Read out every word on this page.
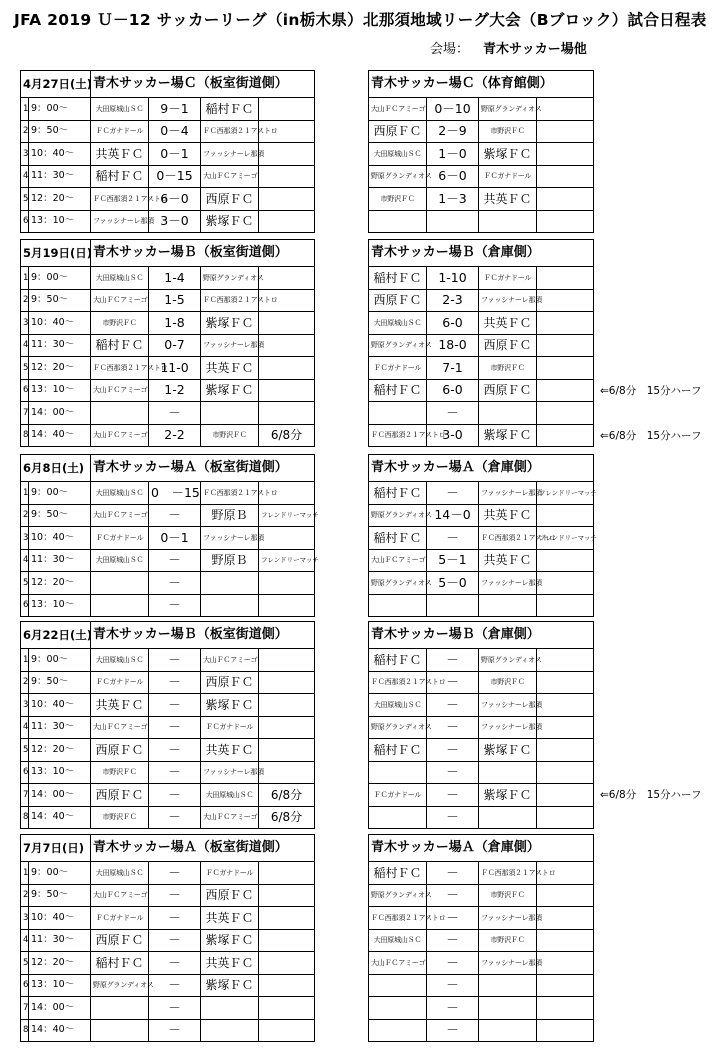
JFA 2019 Ｕ－12 サッカーリーグ（in栃木県）北那須地域リーグ大会（Bブロック）試合日程表
会場： 青木サッカー場他
4月27日(土)		青木サッカー場Ｃ（板室街道側）			
1	9：00～	大田原城山ＳＣ	9－1	稲村ＦＣ	
2	9：50～	ＦＣガナドール	0－4	ＦＣ西那須２１アストロ	
3	10：40～	共英ＦＣ	0－1	ファッシナーレ那須	
4	11：30～	稲村ＦＣ	0－15	大山ＦＣアミーゴ	
5	12：20～	ＦＣ西那須２１アストロ	6－0	西原ＦＣ	
6	13：10～	ファッシナーレ那須	3－0	紫塚ＦＣ	
青木サッカー場Ｃ（体育館側）			
大山ＦＣアミーゴ	0－10	野原グランディオス	
西原ＦＣ	2－9	市野沢ＦＣ	
大田原城山ＳＣ	1－0	紫塚ＦＣ	
野原グランディオス	6－0	ＦＣガナドール	
市野沢ＦＣ	1－3	共英ＦＣ	

5月19日(日)		青木サッカー場Ｂ（板室街道側）			
1	9：00～	大田原城山ＳＣ	1-4	野原グランディオス	
2	9：50～	大山ＦＣアミーゴ	1-5	ＦＣ西那須２１アストロ	
3	10：40～	市野沢ＦＣ	1-8	紫塚ＦＣ	
4	11：30～	稲村ＦＣ	0-7	ファッシナーレ那須	
5	12：20～	ＦＣ西那須２１アストロ	11-0	共英ＦＣ	
6	13：10～	大山ＦＣアミーゴ	1-2	紫塚ＦＣ	
7	14：00～		－		
8	14：40～	大山ＦＣアミーゴ	2-2	市野沢ＦＣ	6/8分
青木サッカー場Ｂ（倉庫側）			
稲村ＦＣ	1-10	ＦＣガナドール	
西原ＦＣ	2-3	ファッシナーレ那須	
大田原城山ＳＣ	6-0	共英ＦＣ	
野原グランディオス	18-0	西原ＦＣ	
ＦＣガナドール	7-1	市野沢ＦＣ	
稲村ＦＣ	6-0	西原ＦＣ	
	－		
ＦＣ西那須２１アストロ	3-0	紫塚ＦＣ	
⇐6/8分　15分ハーフ
⇐6/8分　15分ハーフ
6月8日(土)		青木サッカー場Ａ（板室街道側）			
1	9：00～	大田原城山ＳＣ	0　－15	ＦＣ西那須２１アストロ	
2	9：50～	大山ＦＣアミーゴ	－	野原Ｂ	フレンドリーマッチ
3	10：40～	ＦＣガナドール	0－1	ファッシナーレ那須	
4	11：30～	大田原城山ＳＣ	－	野原Ｂ	フレンドリーマッチ
5	12：20～		－		
6	13：10～		－		
青木サッカー場Ａ（倉庫側）			
稲村ＦＣ	－	ファッシナーレ那須	フレンドリーマッチ
野原グランディオス	14－0	共英ＦＣ	
稲村ＦＣ	－	ＦＣ西那須２１アストロ	フレンドリーマッチ
大山ＦＣアミーゴ	5－1	共英ＦＣ	
野原グランディオス	5－0	ファッシナーレ那須	

6月22日(土)		青木サッカー場Ｂ（板室街道側）			
1	9：00～	大田原城山ＳＣ	－	大山ＦＣアミーゴ	
2	9：50～	ＦＣガナドール	－	西原ＦＣ	
3	10：40～	共英ＦＣ	－	紫塚ＦＣ	
4	11：30～	大山ＦＣアミーゴ	－	ＦＣガナドール	
5	12：20～	西原ＦＣ	－	共英ＦＣ	
6	13：10～	市野沢ＦＣ	－	ファッシナーレ那須	
7	14：00～	西原ＦＣ	－	大田原城山ＳＣ	6/8分
8	14：40～	市野沢ＦＣ	－	大山ＦＣアミーゴ	6/8分
青木サッカー場Ｂ（倉庫側）			
稲村ＦＣ	－	野原グランディオス	
ＦＣ西那須２１アストロ	－	市野沢ＦＣ	
大田原城山ＳＣ	－	ファッシナーレ那須	
野原グランディオス	－	ファッシナーレ那須	
稲村ＦＣ	－	紫塚ＦＣ	
	－		
ＦＣガナドール	－	紫塚ＦＣ	
	－		
⇐6/8分　15分ハーフ
7月7日(日)		青木サッカー場Ａ（板室街道側）			
1	9：00～	大田原城山ＳＣ	－	ＦＣガナドール	
2	9：50～	大山ＦＣアミーゴ	－	西原ＦＣ	
3	10：40～	ＦＣガナドール	－	共英ＦＣ	
4	11：30～	西原ＦＣ	－	紫塚ＦＣ	
5	12：20～	稲村ＦＣ	－	共英ＦＣ	
6	13：10～	野原グランディオス	－	紫塚ＦＣ	
7	14：00～		－		
8	14：40～		－		
青木サッカー場Ａ（倉庫側）			
稲村ＦＣ	－	ＦＣ西那須２１アストロ	
野原グランディオス	－	市野沢ＦＣ	
ＦＣ西那須２１アストロ	－	ファッシナーレ那須	
大田原城山ＳＣ	－	市野沢ＦＣ	
大山ＦＣアミーゴ	－	ファッシナーレ那須	
	－		
	－		
	－		
